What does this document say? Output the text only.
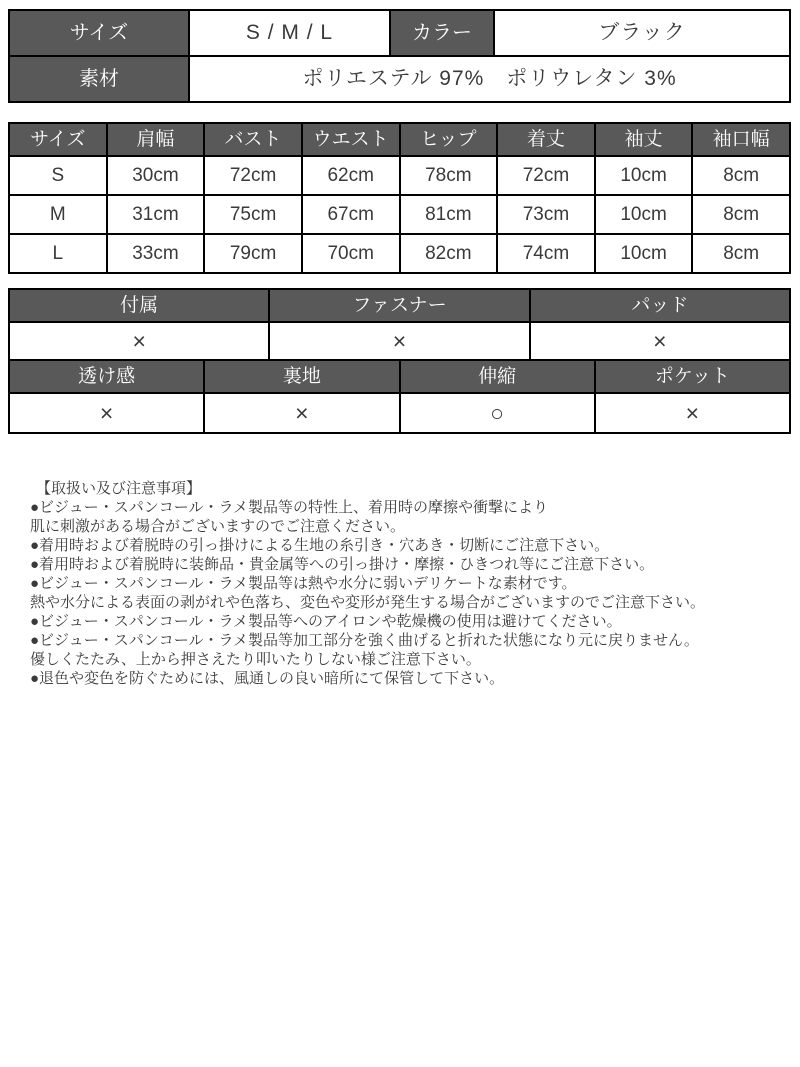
サイズ	S / M / L	カラー	ブラック
素材	ポリエステル 97%　ポリウレタン 3%
サイズ	肩幅	バスト	ウエスト	ヒップ	着丈	袖丈	袖口幅
S	30cm	72cm	62cm	78cm	72cm	10cm	8cm
M	31cm	75cm	67cm	81cm	73cm	10cm	8cm
L	33cm	79cm	70cm	82cm	74cm	10cm	8cm
付属	ファスナー	パッド
×	×	×
透け感	裏地	伸縮	ポケット
×	×	○	×
【取扱い及び注意事項】
●ビジュー・スパンコール・ラメ製品等の特性上、着用時の摩擦や衝撃により
肌に刺激がある場合がございますのでご注意ください。
●着用時および着脱時の引っ掛けによる生地の糸引き・穴あき・切断にご注意下さい。
●着用時および着脱時に装飾品・貴金属等への引っ掛け・摩擦・ひきつれ等にご注意下さい。
●ビジュー・スパンコール・ラメ製品等は熱や水分に弱いデリケートな素材です。
熱や水分による表面の剥がれや色落ち、変色や変形が発生する場合がございますのでご注意下さい。
●ビジュー・スパンコール・ラメ製品等へのアイロンや乾燥機の使用は避けてください。
●ビジュー・スパンコール・ラメ製品等加工部分を強く曲げると折れた状態になり元に戻りません。
優しくたたみ、上から押さえたり叩いたりしない様ご注意下さい。
●退色や変色を防ぐためには、風通しの良い暗所にて保管して下さい。
